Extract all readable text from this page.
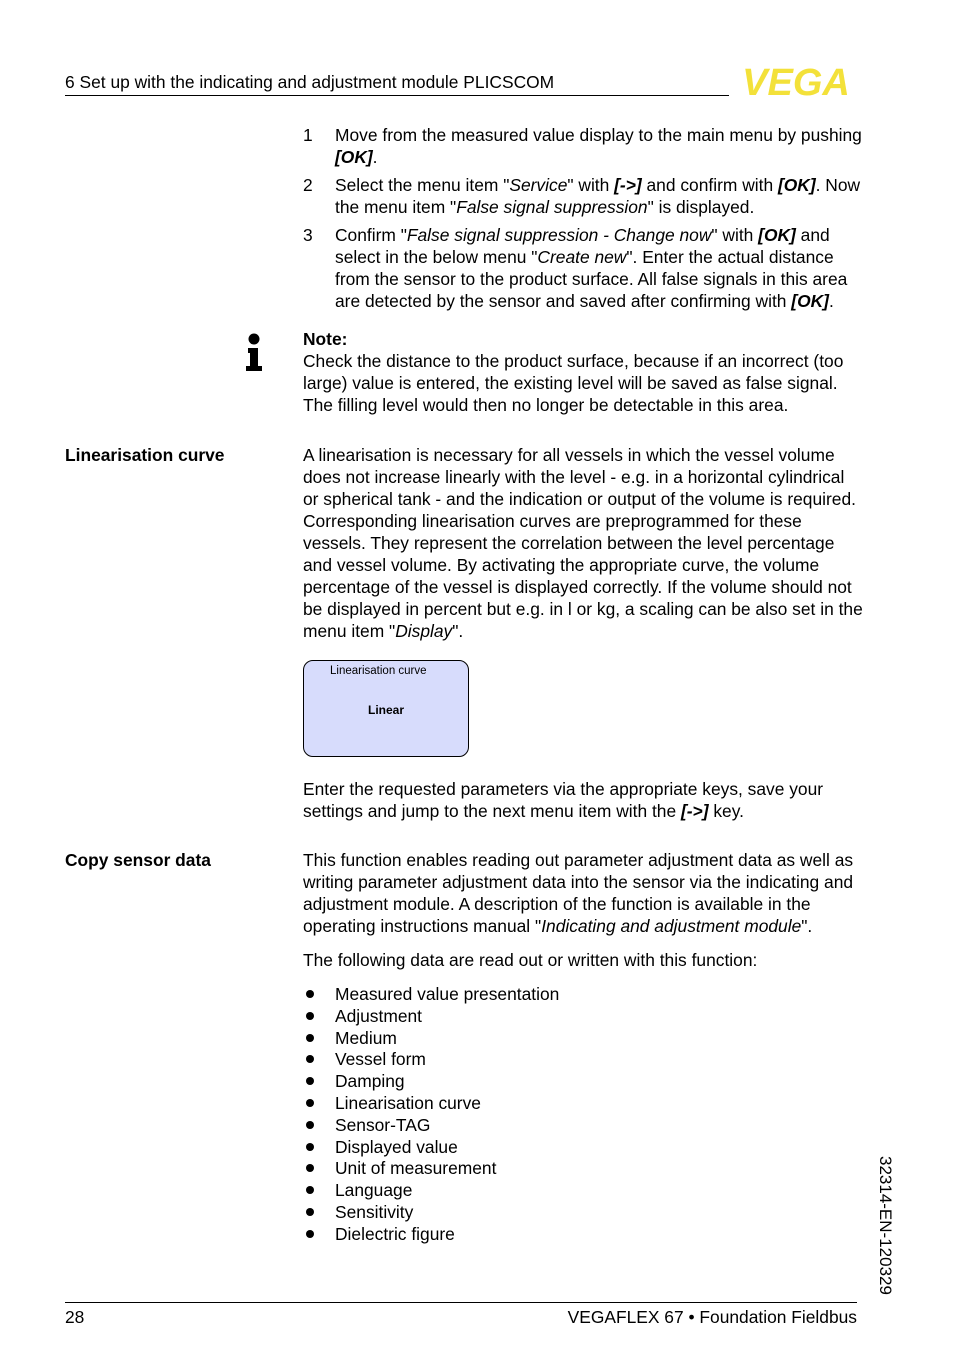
6 Set up with the indicating and adjustment module PLICSCOM	VEGA
1	Move from the measured value display to the main menu by pushing [OK].
2	Select the menu item "Service" with [->] and confirm with [OK]. Now the menu item "False signal suppression" is displayed.
3	Confirm "False signal suppression - Change now" with [OK] and select in the below menu "Create new". Enter the actual distance from the sensor to the product surface. All false signals in this area are detected by the sensor and saved after confirming with [OK].
Note:
Check the distance to the product surface, because if an incorrect (too large) value is entered, the existing level will be saved as false signal. The filling level would then no longer be detectable in this area.
Linearisation curve	A linearisation is necessary for all vessels in which the vessel volume does not increase linearly with the level - e.g. in a horizontal cylindrical or spherical tank - and the indication or output of the volume is required. Corresponding linearisation curves are preprogrammed for these vessels. They represent the correlation between the level percentage and vessel volume. By activating the appropriate curve, the volume percentage of the vessel is displayed correctly. If the volume should not be displayed in percent but e.g. in l or kg, a scaling can be also set in the menu item "Display".
Linearisation curve
Linear
Enter the requested parameters via the appropriate keys, save your settings and jump to the next menu item with the [->] key.
Copy sensor data	This function enables reading out parameter adjustment data as well as writing parameter adjustment data into the sensor via the indicating and adjustment module. A description of the function is available in the operating instructions manual "Indicating and adjustment module".
The following data are read out or written with this function:
Measured value presentation
Adjustment
Medium
Vessel form
Damping
Linearisation curve
Sensor-TAG
Displayed value
Unit of measurement
Language
Sensitivity
Dielectric figure	32314-EN-120329
28	VEGAFLEX 67 • Foundation Fieldbus
